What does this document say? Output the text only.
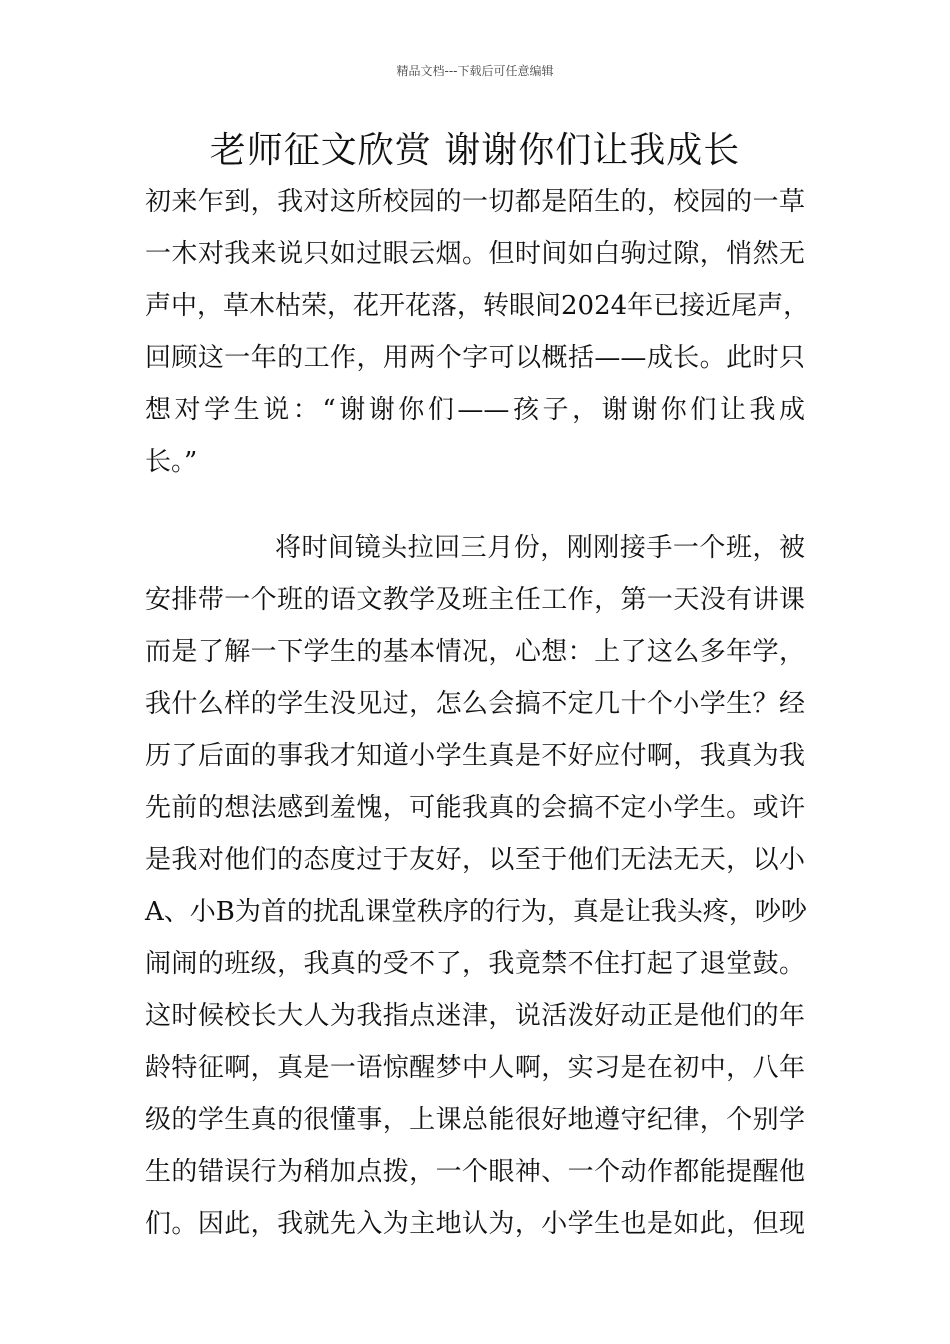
精品文档---下载后可任意编辑
老师征文欣赏 谢谢你们让我成长
初来乍到，我对这所校园的一切都是陌生的，校园的一草
一木对我来说只如过眼云烟。但时间如白驹过隙，悄然无
声中，草木枯荣，花开花落，转眼间2024年已接近尾声，
回顾这一年的工作，用两个字可以概括——成长。此时只
想对学生说：“谢谢你们——孩子，谢谢你们让我成
长。”
将时间镜头拉回三月份，刚刚接手一个班，被
安排带一个班的语文教学及班主任工作，第一天没有讲课
而是了解一下学生的基本情况，心想：上了这么多年学，
我什么样的学生没见过，怎么会搞不定几十个小学生？经
历了后面的事我才知道小学生真是不好应付啊，我真为我
先前的想法感到羞愧，可能我真的会搞不定小学生。或许
是我对他们的态度过于友好，以至于他们无法无天，以小
A、小B为首的扰乱课堂秩序的行为，真是让我头疼，吵吵
闹闹的班级，我真的受不了，我竟禁不住打起了退堂鼓。
这时候校长大人为我指点迷津，说活泼好动正是他们的年
龄特征啊，真是一语惊醒梦中人啊，实习是在初中，八年
级的学生真的很懂事，上课总能很好地遵守纪律，个别学
生的错误行为稍加点拨，一个眼神、一个动作都能提醒他
们。因此，我就先入为主地认为，小学生也是如此，但现
